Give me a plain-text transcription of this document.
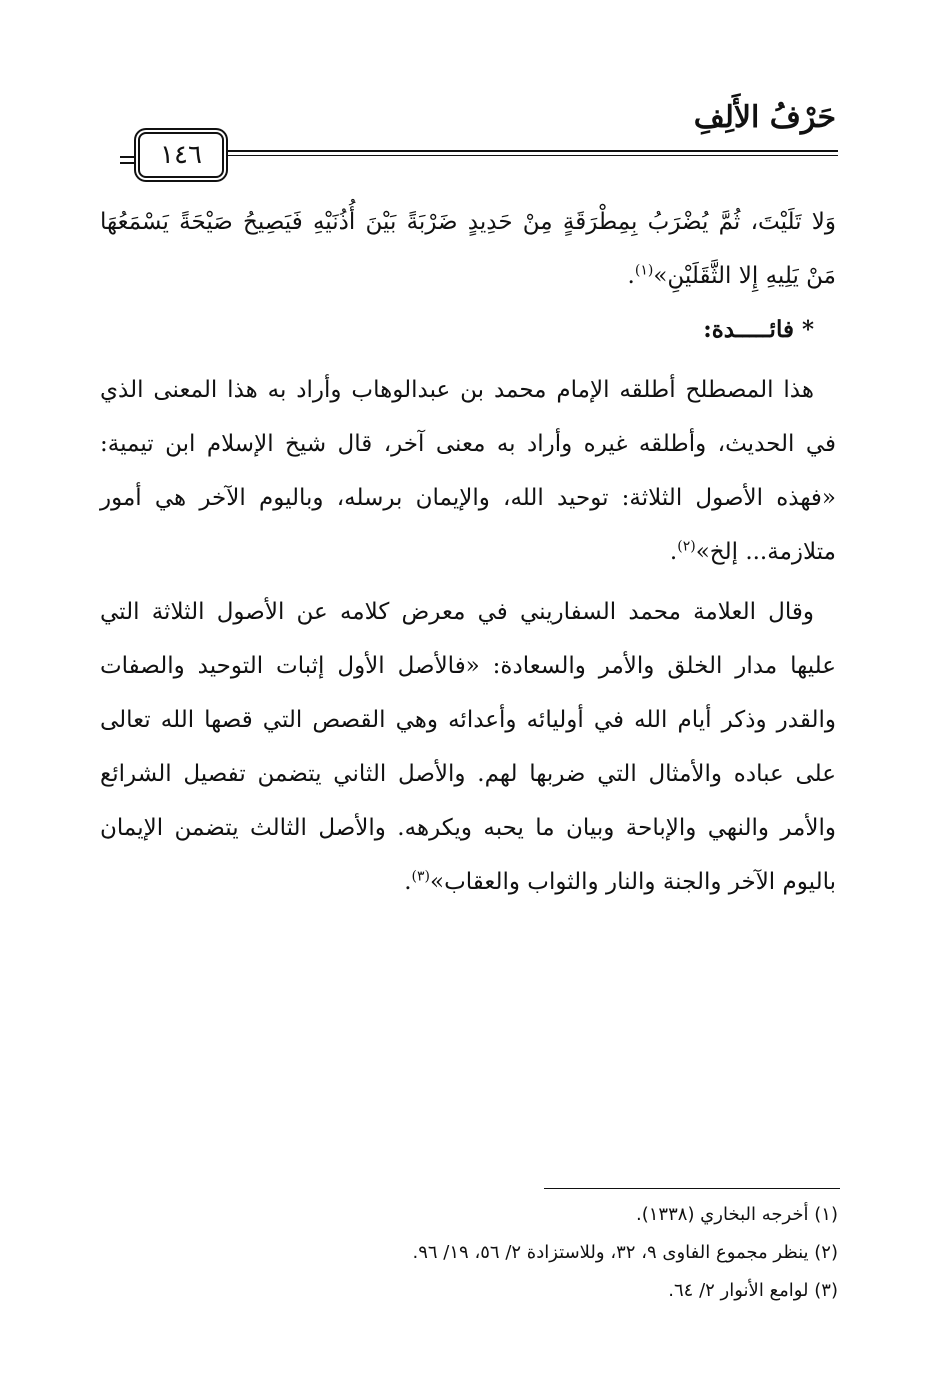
حَرْفُ الأَلِفِ
١٤٦

وَلا تَلَيْتَ، ثُمَّ يُضْرَبُ بِمِطْرَقَةٍ مِنْ حَدِيدٍ ضَرْبَةً بَيْنَ أُذُنَيْهِ فَيَصِيحُ صَيْحَةً يَسْمَعُهَا مَنْ يَلِيهِ إِلا الثَّقَلَيْنِ»$^{(١)}$.

* فائـــــدة:

هذا المصطلح أطلقه الإمام محمد بن عبدالوهاب وأراد به هذا المعنى الذي في الحديث، وأطلقه غيره وأراد به معنى آخر، قال شيخ الإسلام ابن تيمية: «فهذه الأصول الثلاثة: توحيد الله، والإيمان برسله، وباليوم الآخر هي أمور متلازمة... إلخ»$^{(٢)}$.

وقال العلامة محمد السفاريني في معرض كلامه عن الأصول الثلاثة التي عليها مدار الخلق والأمر والسعادة: «فالأصل الأول إثبات التوحيد والصفات والقدر وذكر أيام الله في أوليائه وأعدائه وهي القصص التي قصها الله تعالى على عباده والأمثال التي ضربها لهم. والأصل الثاني يتضمن تفصيل الشرائع والأمر والنهي والإباحة وبيان ما يحبه ويكرهه. والأصل الثالث يتضمن الإيمان باليوم الآخر والجنة والنار والثواب والعقاب»$^{(٣)}$.

(١) أخرجه البخاري (١٣٣٨).

(٢) ينظر مجموع الفاوى ٩، ٣٢، وللاستزادة ٢/ ٥٦، ١٩/ ٩٦.

(٣) لوامع الأنوار ٢/ ٦٤.
